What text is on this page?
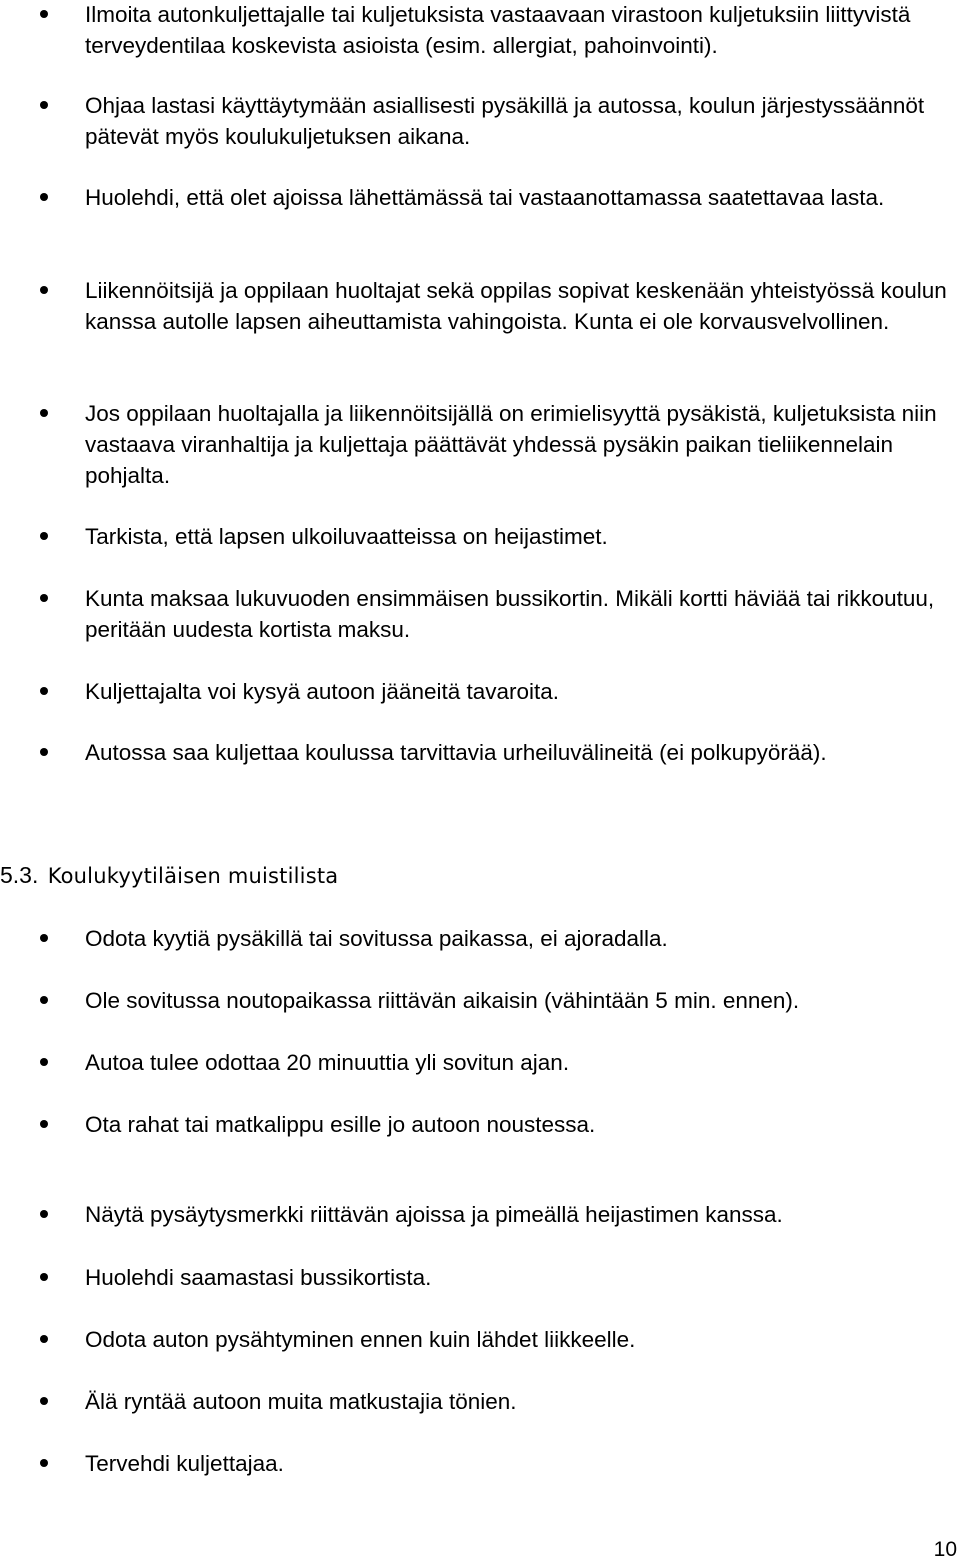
Ilmoita autonkuljettajalle tai kuljetuksista vastaavaan virastoon kuljetuksiin liittyvistä terveydentilaa koskevista asioista (esim. allergiat, pahoinvointi).

Ohjaa lastasi käyttäytymään asiallisesti pysäkillä ja autossa, koulun järjestyssäännöt pätevät myös koulukuljetuksen aikana.

Huolehdi, että olet ajoissa lähettämässä tai vastaanottamassa saatettavaa lasta.

Liikennöitsijä ja oppilaan huoltajat sekä oppilas sopivat keskenään yhteistyössä koulun kanssa autolle lapsen aiheuttamista vahingoista. Kunta ei ole korvausvelvollinen.

Jos oppilaan huoltajalla ja liikennöitsijällä on erimielisyyttä pysäkistä, kuljetuksista niin vastaava viranhaltija ja kuljettaja päättävät yhdessä pysäkin paikan tieliikennelain pohjalta.

Tarkista, että lapsen ulkoiluvaatteissa on heijastimet.

Kunta maksaa lukuvuoden ensimmäisen bussikortin. Mikäli kortti häviää tai rikkoutuu, peritään uudesta kortista maksu.

Kuljettajalta voi kysyä autoon jääneitä tavaroita.

Autossa saa kuljettaa koulussa tarvittavia urheiluvälineitä (ei polkupyörää).

5.3. Koulukyytiläisen muistilista

Odota kyytiä pysäkillä tai sovitussa paikassa, ei ajoradalla.

Ole sovitussa noutopaikassa riittävän aikaisin (vähintään 5 min. ennen).

Autoa tulee odottaa 20 minuuttia yli sovitun ajan.

Ota rahat tai matkalippu esille jo autoon noustessa.

Näytä pysäytysmerkki riittävän ajoissa ja pimeällä heijastimen kanssa.

Huolehdi saamastasi bussikortista.

Odota auton pysähtyminen ennen kuin lähdet liikkeelle.

Älä ryntää autoon muita matkustajia tönien.

Tervehdi kuljettajaa.

10
